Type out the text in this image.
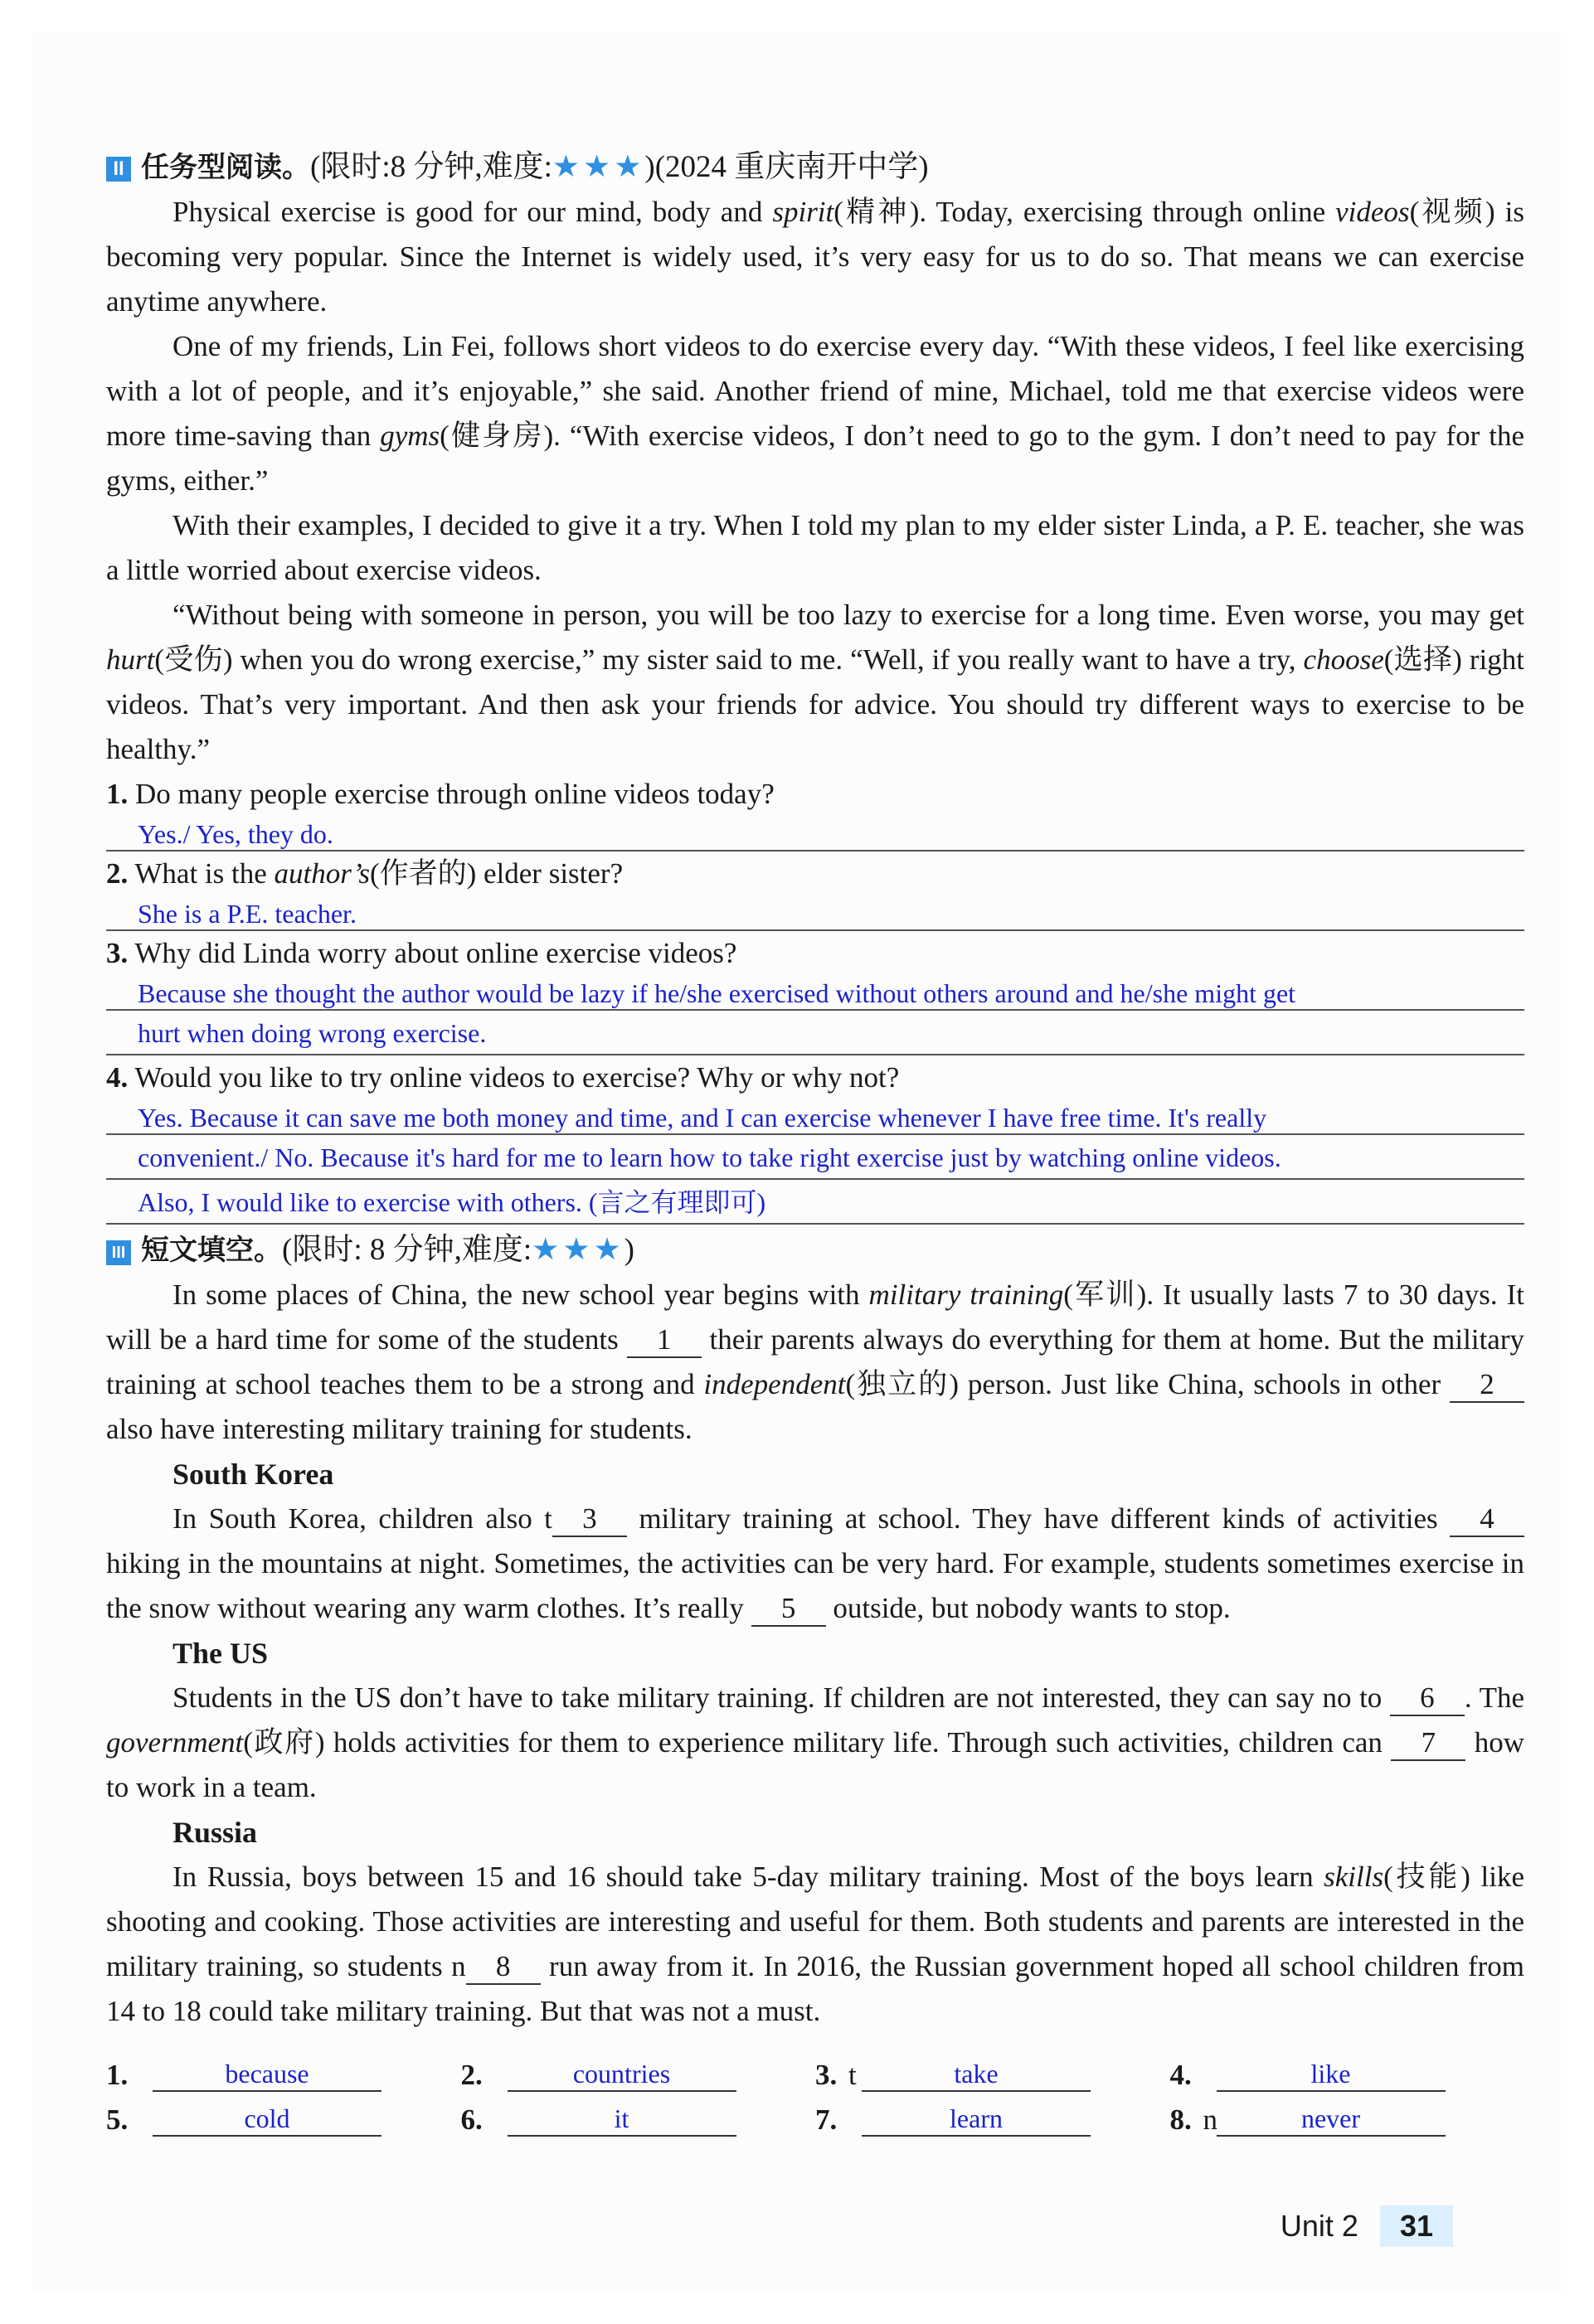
II 任务型阅读。(限时:8 分钟,难度:★★★)(2024 重庆南开中学)

Physical exercise is good for our mind, body and spirit(精神). Today, exercising through online videos(视频) is becoming very popular. Since the Internet is widely used, it’s very easy for us to do so. That means we can exercise anytime anywhere.

One of my friends, Lin Fei, follows short videos to do exercise every day. “With these videos, I feel like exercising with a lot of people, and it’s enjoyable,” she said. Another friend of mine, Michael, told me that exercise videos were more time-saving than gyms(健身房). “With exercise videos, I don’t need to go to the gym. I don’t need to pay for the gyms, either.”

With their examples, I decided to give it a try. When I told my plan to my elder sister Linda, a P. E. teacher, she was a little worried about exercise videos.

“Without being with someone in person, you will be too lazy to exercise for a long time. Even worse, you may get hurt(受伤) when you do wrong exercise,” my sister said to me. “Well, if you really want to have a try, choose(选择) right videos. That’s very important. And then ask your friends for advice. You should try different ways to exercise to be healthy.”

1. Do many people exercise through online videos today?
Yes./ Yes, they do.
2. What is the author’s(作者的) elder sister?
She is a P.E. teacher.
3. Why did Linda worry about online exercise videos?
Because she thought the author would be lazy if he/she exercised without others around and he/she might get
hurt when doing wrong exercise.
4. Would you like to try online videos to exercise? Why or why not?
Yes. Because it can save me both money and time, and I can exercise whenever I have free time. It's really
convenient./ No. Because it's hard for me to learn how to take right exercise just by watching online videos.
Also, I would like to exercise with others. (言之有理即可)
III 短文填空。(限时: 8 分钟,难度:★★★)

In some places of China, the new school year begins with military training(军训). It usually lasts 7 to 30 days. It will be a hard time for some of the students 1 their parents always do everything for them at home. But the military training at school teaches them to be a strong and independent(独立的) person. Just like China, schools in other 2 also have interesting military training for students.

South Korea

In South Korea, children also t 3 military training at school. They have different kinds of activities 4 hiking in the mountains at night. Sometimes, the activities can be very hard. For example, students sometimes exercise in the snow without wearing any warm clothes. It’s really 5 outside, but nobody wants to stop.

The US

Students in the US don’t have to take military training. If children are not interested, they can say no to 6 . The government(政府) holds activities for them to experience military life. Through such activities, children can 7 how to work in a team.

Russia

In Russia, boys between 15 and 16 should take 5-day military training. Most of the boys learn skills(技能) like shooting and cooking. Those activities are interesting and useful for them. Both students and parents are interested in the military training, so students n 8 run away from it. In 2016, the Russian government hoped all school children from 14 to 18 could take military training. But that was not a must.

1.	because	2.	countries	3. t	take	4.	like
5.	cold	6.	it	7.	learn	8. n	never
Unit 2	31
